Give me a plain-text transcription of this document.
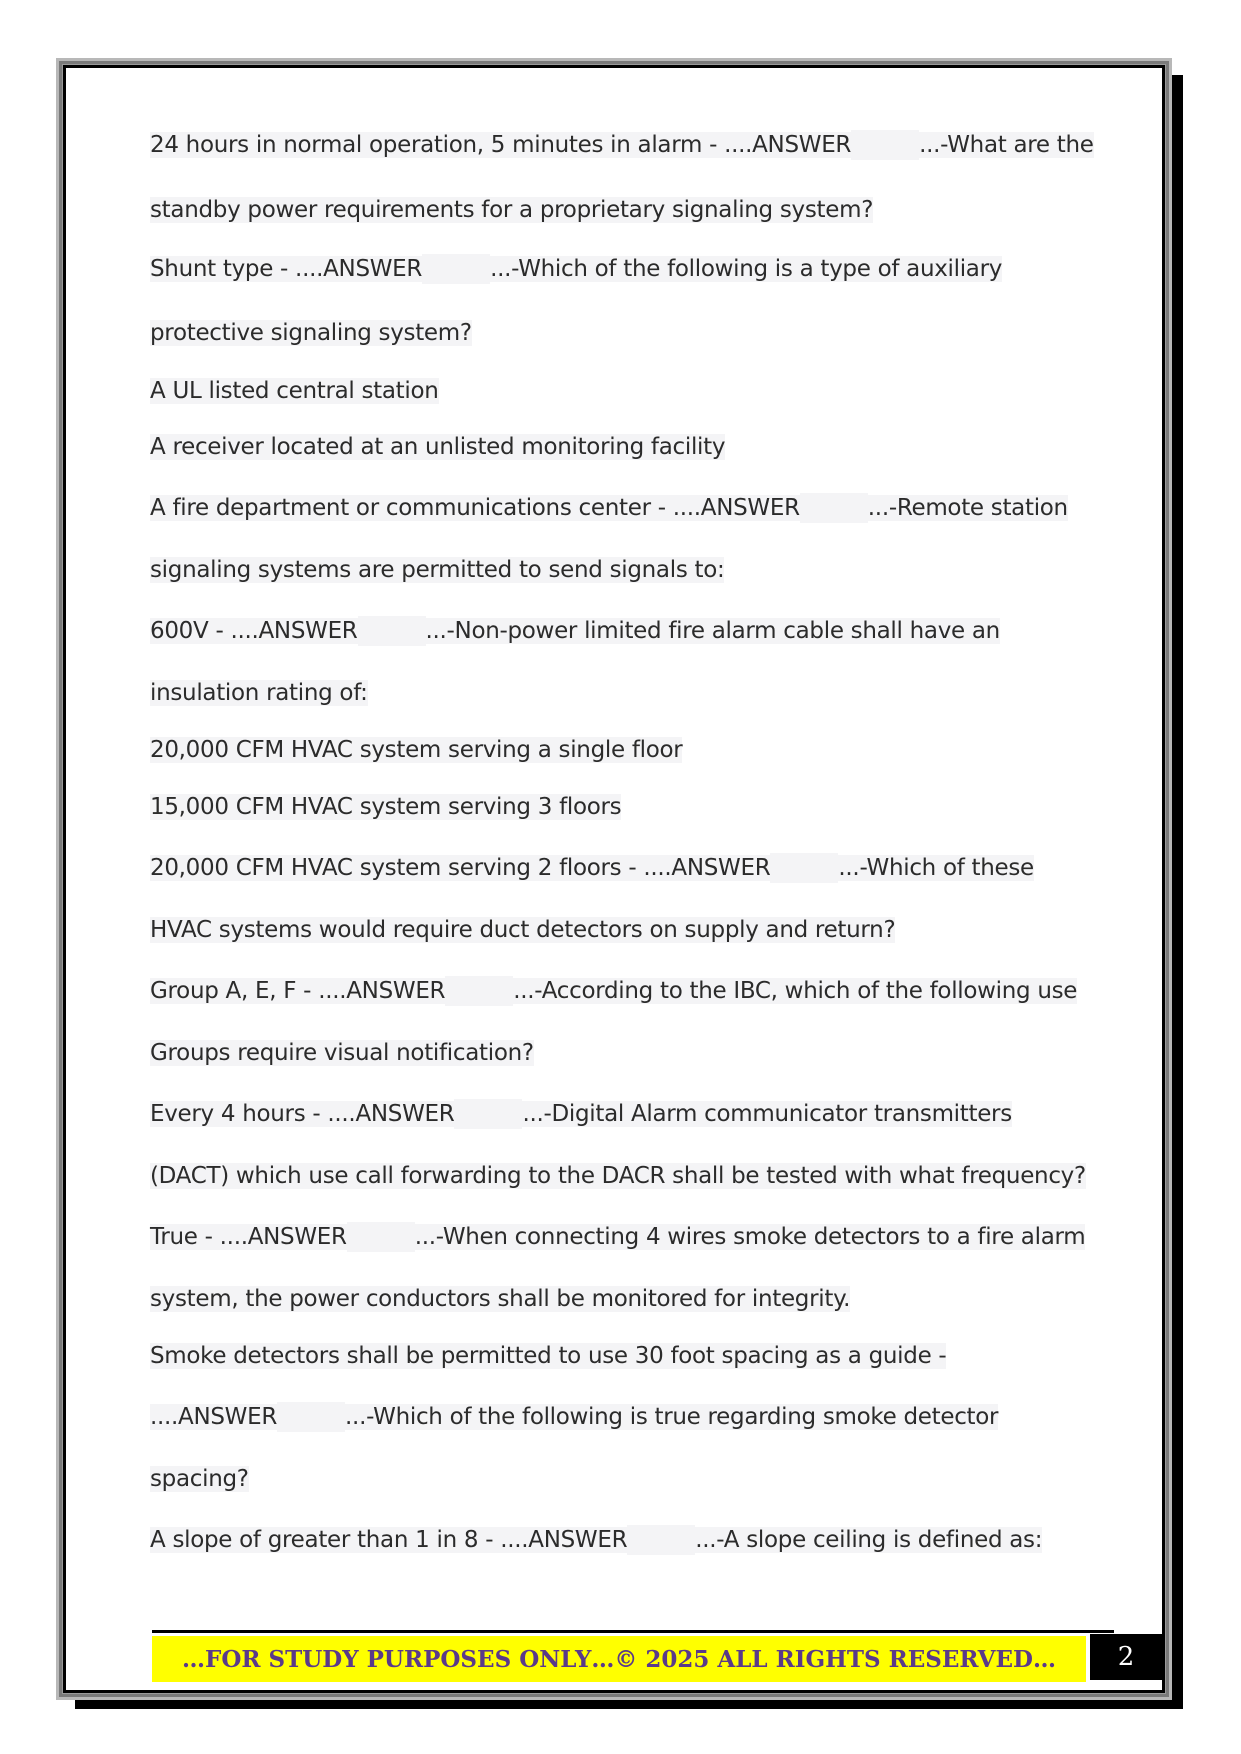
…FOR STUDY PURPOSES ONLY…© 2025 ALL RIGHTS RESERVED…	2
24 hours in normal operation, 5 minutes in alarm - ....ANSWER	...-What are the
standby power requirements for a proprietary signaling system?
Shunt type - ....ANSWER	...-Which of the following is a type of auxiliary
protective signaling system?
A UL listed central station
A receiver located at an unlisted monitoring facility
A fire department or communications center - ....ANSWER	...-Remote station
signaling systems are permitted to send signals to:
600V - ....ANSWER	...-Non-power limited fire alarm cable shall have an
insulation rating of:
20,000 CFM HVAC system serving a single floor
15,000 CFM HVAC system serving 3 floors
20,000 CFM HVAC system serving 2 floors - ....ANSWER	...-Which of these
HVAC systems would require duct detectors on supply and return?
Group A, E, F - ....ANSWER	...-According to the IBC, which of the following use
Groups require visual notification?
Every 4 hours - ....ANSWER	...-Digital Alarm communicator transmitters
(DACT) which use call forwarding to the DACR shall be tested with what frequency?
True - ....ANSWER	...-When connecting 4 wires smoke detectors to a fire alarm
system, the power conductors shall be monitored for integrity.
Smoke detectors shall be permitted to use 30 foot spacing as a guide -
....ANSWER	...-Which of the following is true regarding smoke detector
spacing?
A slope of greater than 1 in 8 - ....ANSWER	...-A slope ceiling is defined as:
